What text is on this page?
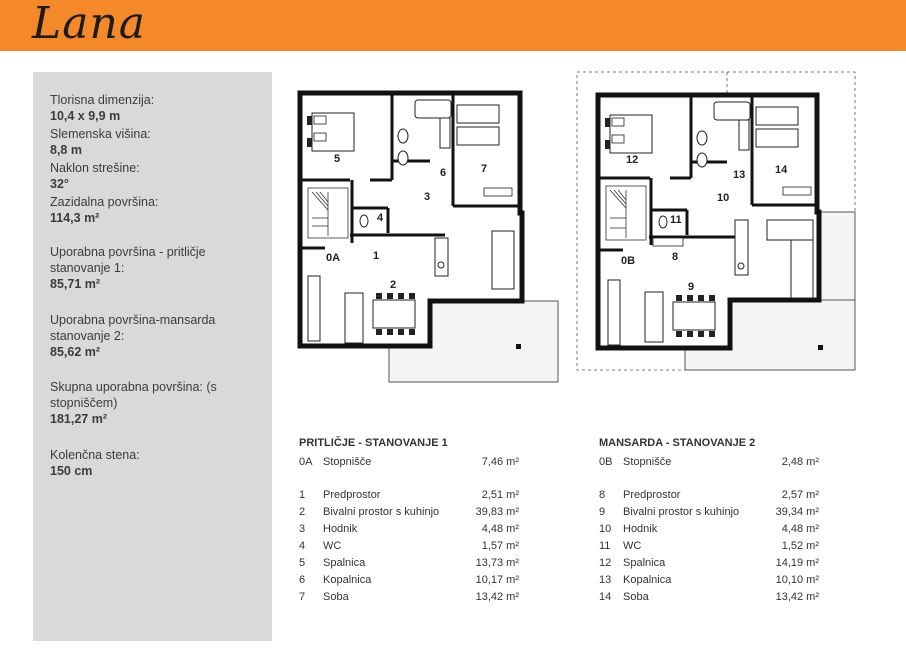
Lana
Tlorisna dimenzija:
10,4 x 9,9 m
Slemenska višina:
8,8 m
Naklon strešine:
32°
Zazidalna površina:
114,3 m²
Uporabna površina - pritličje stanovanje 1:
85,71 m²
Uporabna površina-mansarda stanovanje 2:
85,62 m²
Skupna uporabna površina: (s stopniščem)
181,27 m²
Kolenčna stena:
150 cm
5
6	7
3
4
0A	1
2
12
13	14
10
11
0B	8
9
PRITLIČJE - STANOVANJE 1
0A Stopnišče	7,46 m²
1 Predprostor	2,51 m²
2 Bivalni prostor s kuhinjo	39,83 m²
3 Hodnik	4,48 m²
4 WC	1,57 m²
5 Spalnica	13,73 m²
6 Kopalnica	10,17 m²
7 Soba	13,42 m²
MANSARDA - STANOVANJE 2
0B Stopnišče	2,48 m²
8 Predprostor	2,57 m²
9 Bivalni prostor s kuhinjo	39,34 m²
10 Hodnik	4,48 m²
11 WC	1,52 m²
12 Spalnica	14,19 m²
13 Kopalnica	10,10 m²
14 Soba	13,42 m²
